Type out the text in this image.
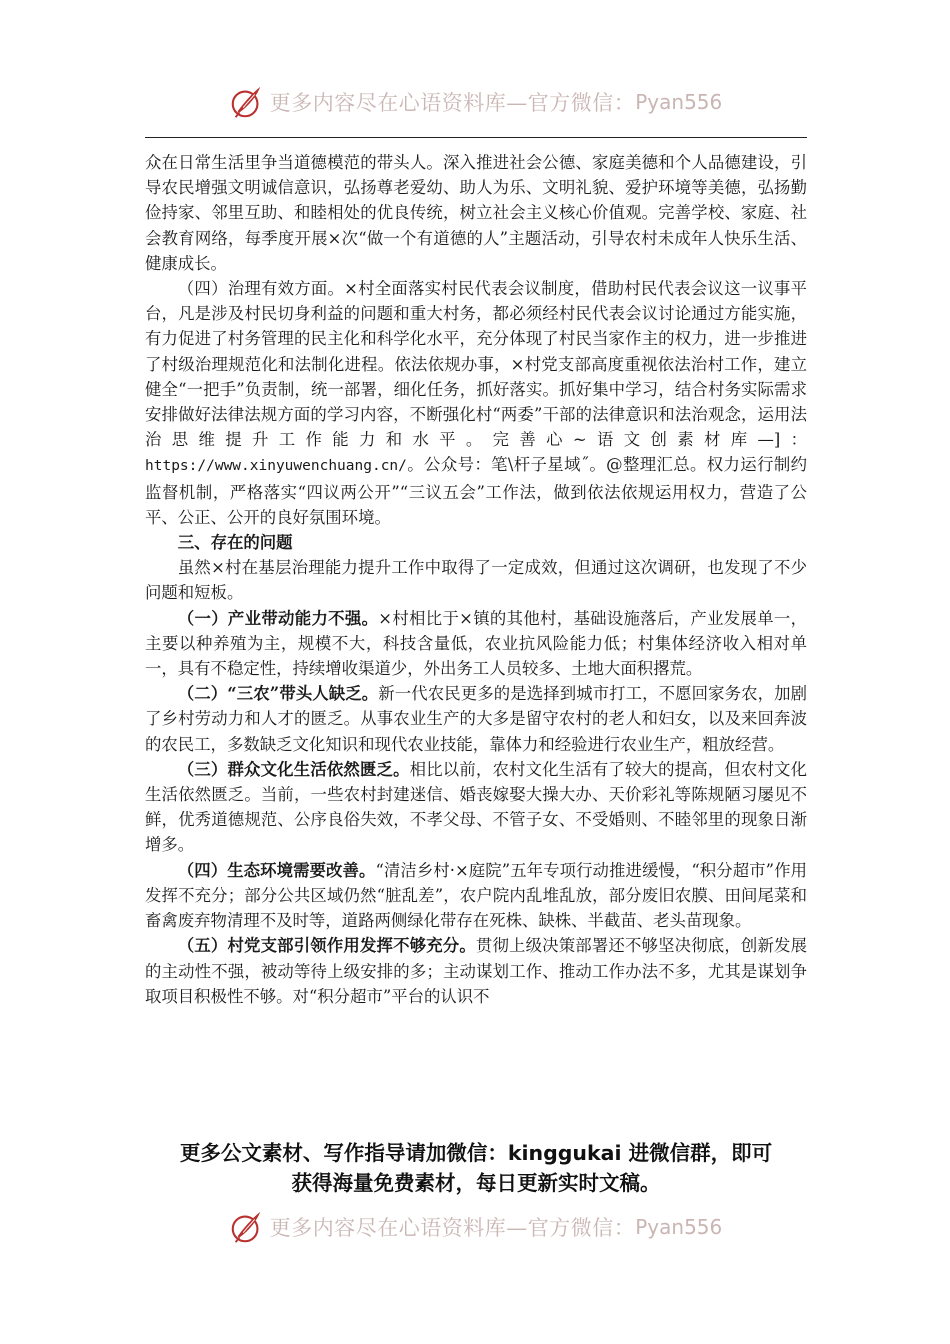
更多内容尽在心语资料库—官方微信： Pyan556

众在日常生活里争当道德模范的带头人。深入推进社会公德、家庭美德和个人品德建设，引导农民增强文明诚信意识，弘扬尊老爱幼、助人为乐、文明礼貌、爱护环境等美德，弘扬勤俭持家、邻里互助、和睦相处的优良传统，树立社会主义核心价值观。完善学校、家庭、社会教育网络，每季度开展×次“做一个有道德的人”主题活动，引导农村未成年人快乐生活、健康成长。

（四）治理有效方面。×村全面落实村民代表会议制度，借助村民代表会议这一议事平台，凡是涉及村民切身利益的问题和重大村务，都必须经村民代表会议讨论通过方能实施，有力促进了村务管理的民主化和科学化水平，充分体现了村民当家作主的权力，进一步推进了村级治理规范化和法制化进程。依法依规办事，×村党支部高度重视依法治村工作，建立健全“一把手”负责制，统一部署，细化任务，抓好落实。抓好集中学习，结合村务实际需求安排做好法律法规方面的学习内容，不断强化村“两委”干部的法律意识和法治观念，运用法治思维提升工作能力和水平。完善心~语文创素材库—]：https://www.xinyuwenchuang.cn/。公众号：笔\杆子星域˝。@整理汇总。权力运行制约监督机制，严格落实“四议两公开”“三议五会”工作法，做到依法依规运用权力，营造了公平、公正、公开的良好氛围环境。

三、存在的问题

虽然×村在基层治理能力提升工作中取得了一定成效，但通过这次调研，也发现了不少问题和短板。

（一）产业带动能力不强。×村相比于×镇的其他村，基础设施落后，产业发展单一，主要以种养殖为主，规模不大，科技含量低，农业抗风险能力低；村集体经济收入相对单一，具有不稳定性，持续增收渠道少，外出务工人员较多、土地大面积撂荒。

（二）“三农”带头人缺乏。新一代农民更多的是选择到城市打工，不愿回家务农，加剧了乡村劳动力和人才的匮乏。从事农业生产的大多是留守农村的老人和妇女，以及来回奔波的农民工，多数缺乏文化知识和现代农业技能，靠体力和经验进行农业生产，粗放经营。

（三）群众文化生活依然匮乏。相比以前，农村文化生活有了较大的提高，但农村文化生活依然匮乏。当前，一些农村封建迷信、婚丧嫁娶大操大办、天价彩礼等陈规陋习屡见不鲜，优秀道德规范、公序良俗失效，不孝父母、不管子女、不受婚则、不睦邻里的现象日渐增多。

（四）生态环境需要改善。“清洁乡村·×庭院”五年专项行动推进缓慢，“积分超市”作用发挥不充分；部分公共区域仍然“脏乱差”，农户院内乱堆乱放，部分废旧农膜、田间尾菜和畜禽废弃物清理不及时等，道路两侧绿化带存在死株、缺株、半截苗、老头苗现象。

（五）村党支部引领作用发挥不够充分。贯彻上级决策部署还不够坚决彻底，创新发展的主动性不强，被动等待上级安排的多；主动谋划工作、推动工作办法不多，尤其是谋划争取项目积极性不够。对“积分超市”平台的认识不

更多公文素材、写作指导请加微信：kinggukai 进微信群，即可
获得海量免费素材，每日更新实时文稿。
更多内容尽在心语资料库—官方微信： Pyan556
